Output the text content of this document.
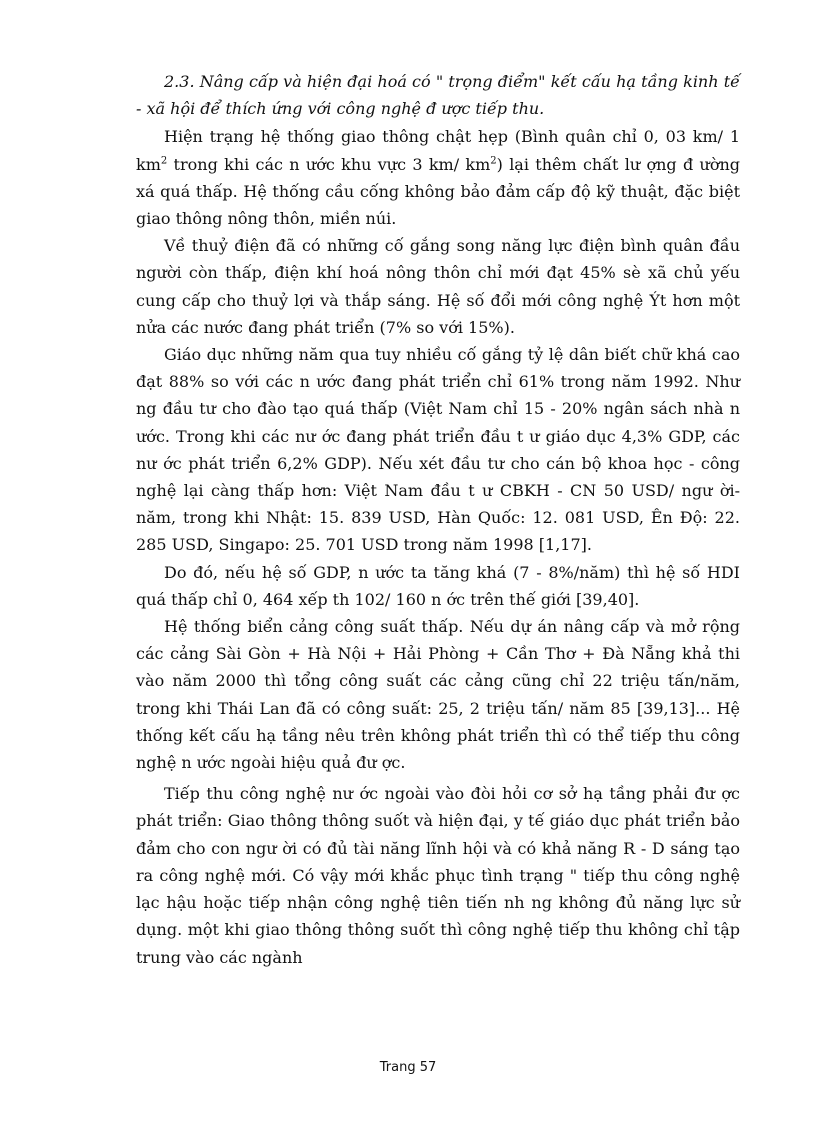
2.3. Nâng cấp và hiện đại hoá có " trọng điểm" kết cấu hạ tầng kinh tế - xã hội để thích ứng với công nghệ đ ược tiếp thu.

Hiện trạng hệ thống giao thông chật hẹp (Bình quân chỉ 0, 03 km/ 1 $km^2$ trong khi các n ước khu vực 3 km/ $km^2$) lại thêm chất lư ợng đ ường xá quá thấp. Hệ thống cầu cống không bảo đảm cấp độ kỹ thuật, đặc biệt giao thông nông thôn, miền núi.

Về thuỷ điện đã có những cố gắng song năng lực điện bình quân đầu người còn thấp, điện khí hoá nông thôn chỉ mới đạt 45% sè xã chủ yếu cung cấp cho thuỷ lợi và thắp sáng. Hệ số đổi mới công nghệ Ýt hơn một nửa các nước đang phát triển (7% so với 15%).

Giáo dục những năm qua tuy nhiều cố gắng tỷ lệ dân biết chữ khá cao đạt 88% so với các n ước đang phát triển chỉ 61% trong năm 1992. Như ng đầu tư cho đào tạo quá thấp (Việt Nam chỉ 15 - 20% ngân sách nhà n ước. Trong khi các nư ớc đang phát triển đầu t ư giáo dục 4,3% GDP, các nư ớc phát triển 6,2% GDP). Nếu xét đầu tư cho cán bộ khoa học - công nghệ lại càng thấp hơn: Việt Nam đầu t ư CBKH - CN 50 USD/ ngư ời-năm, trong khi Nhật: 15. 839 USD, Hàn Quốc: 12. 081 USD, Ên Độ: 22. 285 USD, Singapo: 25. 701 USD trong năm 1998 [1,17].

Do đó, nếu hệ số GDP, n ước ta tăng khá (7 - 8%/năm) thì hệ số HDI quá thấp chỉ 0, 464 xếp th 102/ 160 n ớc trên thế giới [39,40].

Hệ thống biển cảng công suất thấp. Nếu dự án nâng cấp và mở rộng các cảng Sài Gòn + Hà Nội + Hải Phòng + Cần Thơ + Đà Nẵng khả thi vào năm 2000 thì tổng công suất các cảng cũng chỉ 22 triệu tấn/năm, trong khi Thái Lan đã có công suất: 25, 2 triệu tấn/ năm 85 [39,13]... Hệ thống kết cấu hạ tầng nêu trên không phát triển thì có thể tiếp thu công nghệ n ước ngoài hiệu quả đư ợc.

Tiếp thu công nghệ nư ớc ngoài vào đòi hỏi cơ sở hạ tầng phải đư ợc phát triển: Giao thông thông suốt và hiện đại, y tế giáo dục phát triển bảo đảm cho con ngư ời có đủ tài năng lĩnh hội và có khả năng R - D sáng tạo ra công nghệ mới. Có vậy mới khắc phục tình trạng " tiếp thu công nghệ lạc hậu hoặc tiếp nhận công nghệ tiên tiến nh ng không đủ năng lực sử dụng. một khi giao thông thông suốt thì công nghệ tiếp thu không chỉ tập trung vào các ngành

Trang 57
